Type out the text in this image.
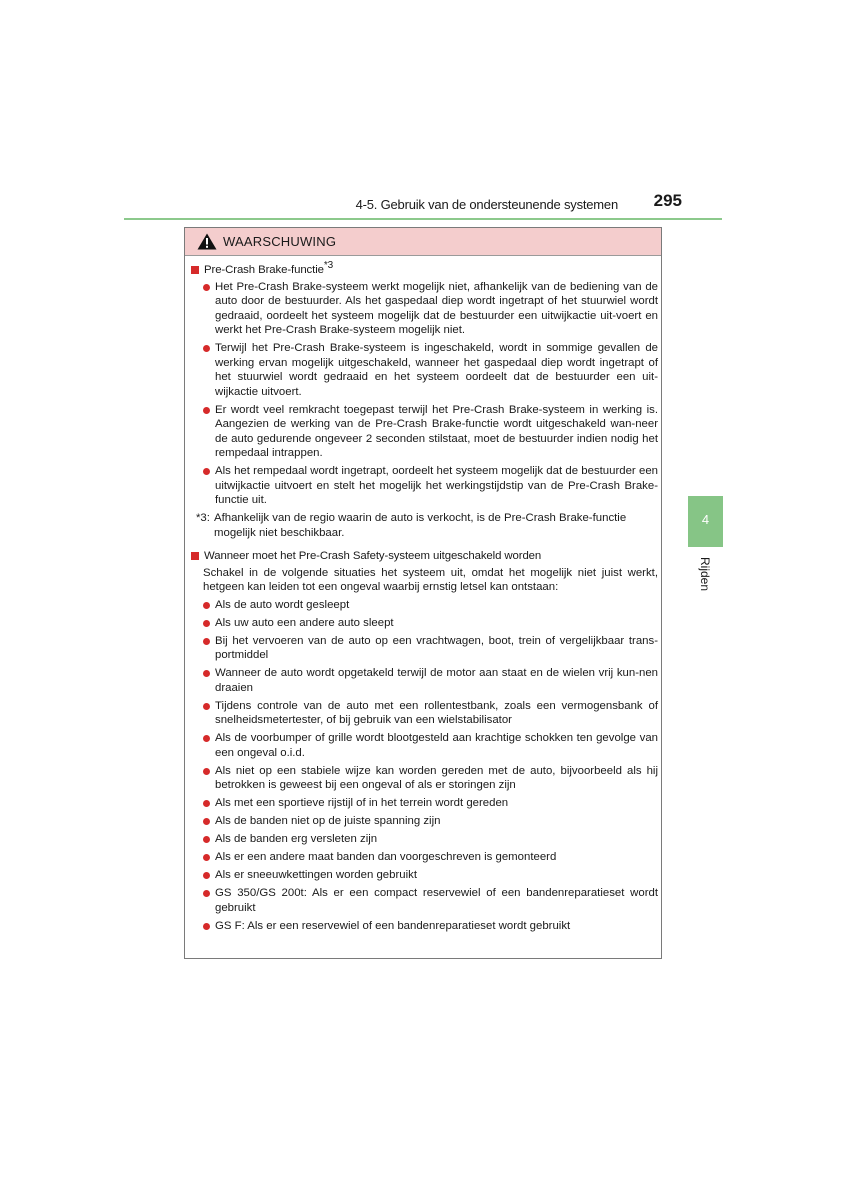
4-5. Gebruik van de ondersteunende systemen 295
4
Rijden
WAARSCHUWING
Pre-Crash Brake-functie*3
Het Pre-Crash Brake-systeem werkt mogelijk niet, afhankelijk van de bediening van de auto door de bestuurder. Als het gaspedaal diep wordt ingetrapt of het stuurwiel wordt gedraaid, oordeelt het systeem mogelijk dat de bestuurder een uitwijkactie uit-voert en werkt het Pre-Crash Brake-systeem mogelijk niet.
Terwijl het Pre-Crash Brake-systeem is ingeschakeld, wordt in sommige gevallen de werking ervan mogelijk uitgeschakeld, wanneer het gaspedaal diep wordt ingetrapt of het stuurwiel wordt gedraaid en het systeem oordeelt dat de bestuurder een uit-wijkactie uitvoert.
Er wordt veel remkracht toegepast terwijl het Pre-Crash Brake-systeem in werking is. Aangezien de werking van de Pre-Crash Brake-functie wordt uitgeschakeld wan-neer de auto gedurende ongeveer 2 seconden stilstaat, moet de bestuurder indien nodig het rempedaal intrappen.
Als het rempedaal wordt ingetrapt, oordeelt het systeem mogelijk dat de bestuurder een uitwijkactie uitvoert en stelt het mogelijk het werkingstijdstip van de Pre-Crash Brake-functie uit.
*3: Afhankelijk van de regio waarin de auto is verkocht, is de Pre-Crash Brake-functie mogelijk niet beschikbaar.
Wanneer moet het Pre-Crash Safety-systeem uitgeschakeld worden
Schakel in de volgende situaties het systeem uit, omdat het mogelijk niet juist werkt, hetgeen kan leiden tot een ongeval waarbij ernstig letsel kan ontstaan:
Als de auto wordt gesleept
Als uw auto een andere auto sleept
Bij het vervoeren van de auto op een vrachtwagen, boot, trein of vergelijkbaar trans-portmiddel
Wanneer de auto wordt opgetakeld terwijl de motor aan staat en de wielen vrij kun-nen draaien
Tijdens controle van de auto met een rollentestbank, zoals een vermogensbank of snelheidsmetertester, of bij gebruik van een wielstabilisator
Als de voorbumper of grille wordt blootgesteld aan krachtige schokken ten gevolge van een ongeval o.i.d.
Als niet op een stabiele wijze kan worden gereden met de auto, bijvoorbeeld als hij betrokken is geweest bij een ongeval of als er storingen zijn
Als met een sportieve rijstijl of in het terrein wordt gereden
Als de banden niet op de juiste spanning zijn
Als de banden erg versleten zijn
Als er een andere maat banden dan voorgeschreven is gemonteerd
Als er sneeuwkettingen worden gebruikt
GS 350/GS 200t: Als er een compact reservewiel of een bandenreparatieset wordt gebruikt
GS F: Als er een reservewiel of een bandenreparatieset wordt gebruikt
